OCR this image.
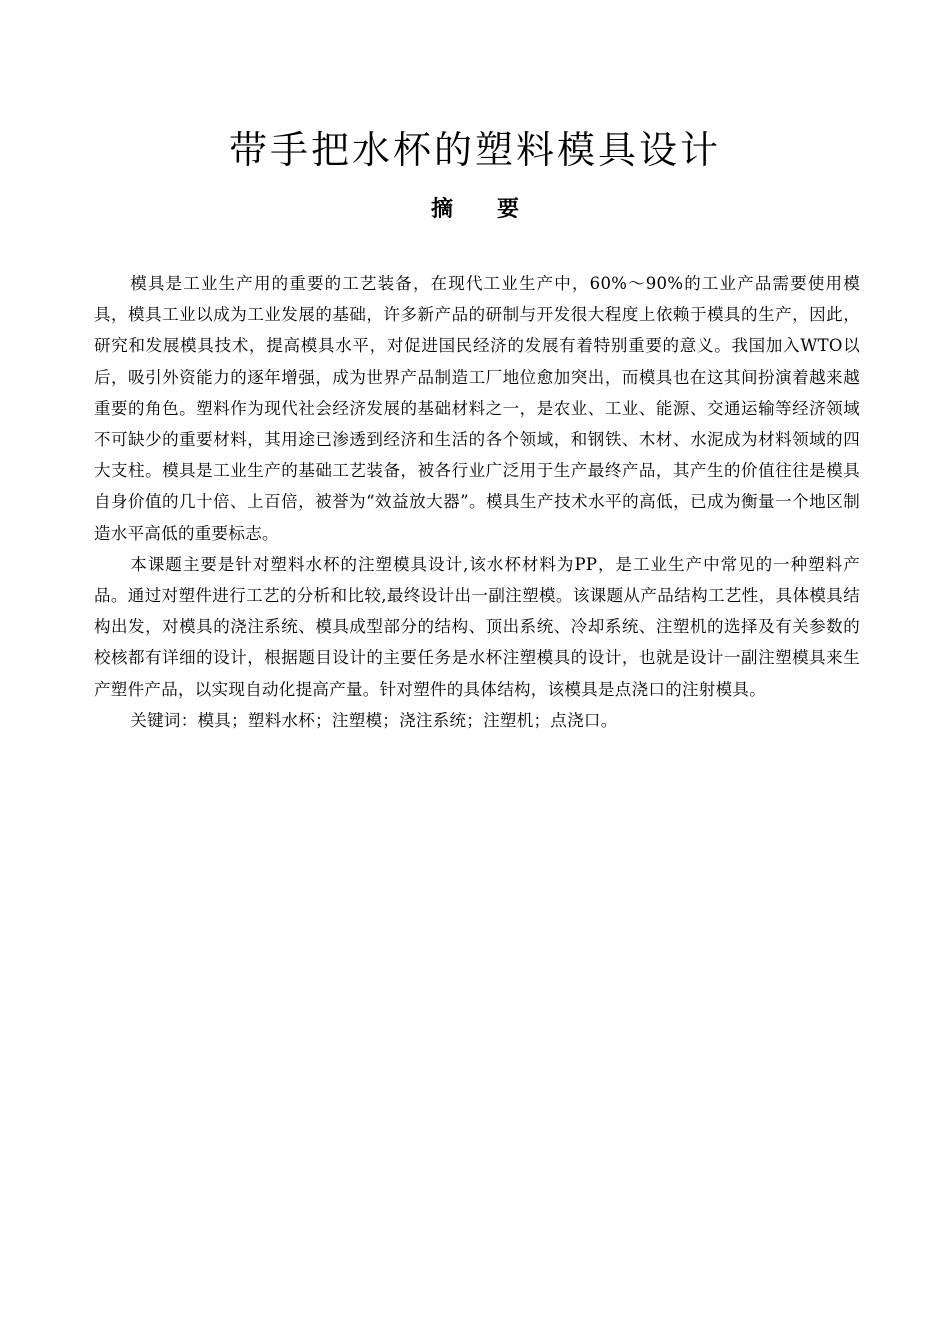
带手把水杯的塑料模具设计
摘　　要

模具是工业生产用的重要的工艺装备，在现代工业生产中，60%～90%的工业产品需要使用模具，模具工业以成为工业发展的基础，许多新产品的研制与开发很大程度上依赖于模具的生产，因此，研究和发展模具技术，提高模具水平，对促进国民经济的发展有着特别重要的意义。我国加入WTO以后，吸引外资能力的逐年增强，成为世界产品制造工厂地位愈加突出，而模具也在这其间扮演着越来越重要的角色。塑料作为现代社会经济发展的基础材料之一，是农业、工业、能源、交通运输等经济领域不可缺少的重要材料，其用途已渗透到经济和生活的各个领域，和钢铁、木材、水泥成为材料领域的四大支柱。模具是工业生产的基础工艺装备，被各行业广泛用于生产最终产品，其产生的价值往往是模具自身价值的几十倍、上百倍，被誉为“效益放大器”。模具生产技术水平的高低，已成为衡量一个地区制造水平高低的重要标志。

本课题主要是针对塑料水杯的注塑模具设计,该水杯材料为PP，是工业生产中常见的一种塑料产品。通过对塑件进行工艺的分析和比较,最终设计出一副注塑模。该课题从产品结构工艺性，具体模具结构出发，对模具的浇注系统、模具成型部分的结构、顶出系统、冷却系统、注塑机的选择及有关参数的校核都有详细的设计，根据题目设计的主要任务是水杯注塑模具的设计，也就是设计一副注塑模具来生产塑件产品，以实现自动化提高产量。针对塑件的具体结构，该模具是点浇口的注射模具。

关键词：模具；塑料水杯；注塑模；浇注系统；注塑机；点浇口。
